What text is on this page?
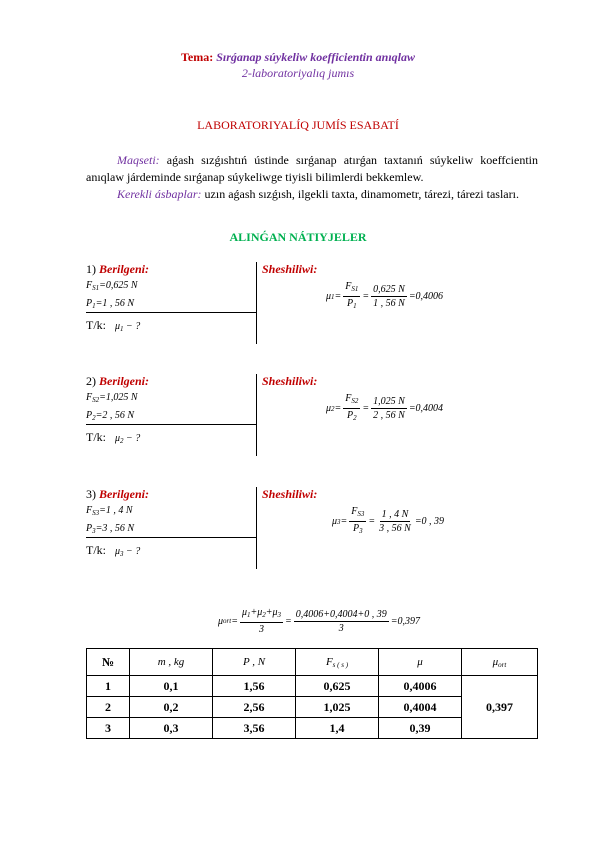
Tema: Sırǵanap súykeliw koefficientin anıqlaw
2-laboratoriyalıq jumıs
LABORATORIYALÍQ JUMÍS ESABATÍ

Maqseti: aǵash sızǵıshtıń ústinde sırǵanap atırǵan taxtanıń súykeliw koeffcientin anıqlaw járdeminde sırǵanap súykeliwge tiyisli bilimlerdi bekkemlew.

Kerekli ásbaplar: uzın aǵash sızǵısh, ilgekli taxta, dinamometr, tárezi, tárezi tasları.

ALINǴAN NÁTIYJELER
1) Berilgeni:
$F_{S1}=0,625$ N
$P_1=1$ , 56 N
T/k: $\mu_1$ − ?
Sheshiliwi:
μ $1 = \frac{F_{S1}}{P_1} = \frac{0,625 N}{1 , 56 N} =0,4006$
2) Berilgeni:
$F_{S2}=1,025$ N
$P_2=2$ , 56 N
T/k: $\mu_2$ − ?
Sheshiliwi:
μ $2 = \frac{F_{S2}}{P_2} = \frac{1,025 N}{2 , 56 N} =0,4004$
3) Berilgeni:
$F_{S3}=1$ , 4 N
$P_3=3$ , 56 N
T/k: $\mu_3$ − ?
Sheshiliwi:
μ $3 = \frac{F_{S3}}{P_3} = \frac{1 , 4 N}{3 , 56 N} =0$ , 39
μ ort = $\frac{\mu_1+\mu_2+\mu_3}{3} = \frac{0,4006+0,4004+0 , 39}{3} =0,397$
№	m , kg	P , N	$F_{s ( s )}$	μ	$\mu_{ort}$
1	0,1	1,56	0,625	0,4006	0,397
2	0,2	2,56	1,025	0,4004	
3	0,3	3,56	1,4	0,39	
